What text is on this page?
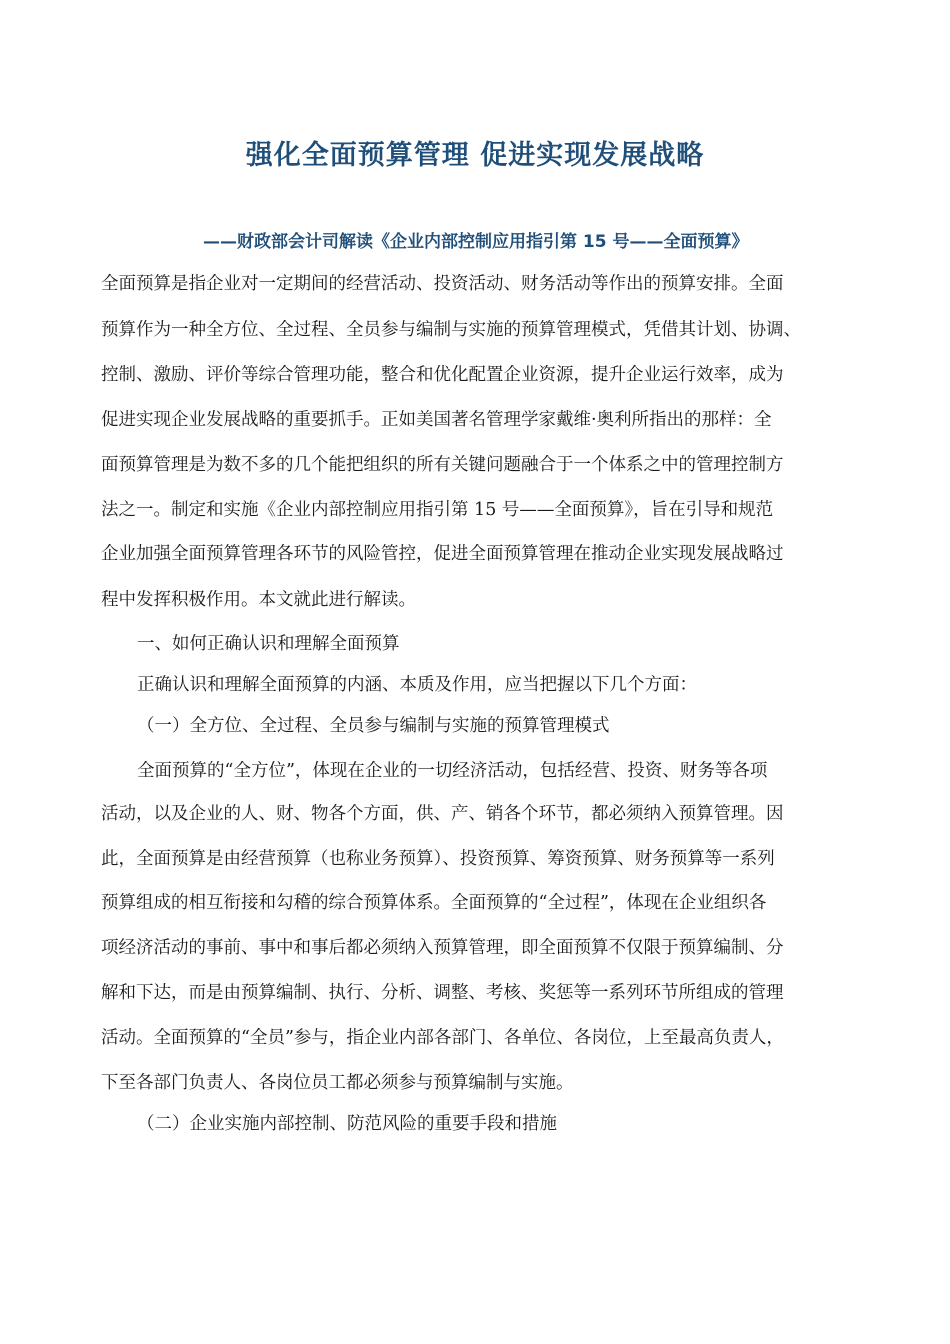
强化全面预算管理 促进实现发展战略
——财政部会计司解读《企业内部控制应用指引第 15 号——全面预算》
全面预算是指企业对一定期间的经营活动、投资活动、财务活动等作出的预算安排。全面
预算作为一种全方位、全过程、全员参与编制与实施的预算管理模式，凭借其计划、协调、
控制、激励、评价等综合管理功能，整合和优化配置企业资源，提升企业运行效率，成为
促进实现企业发展战略的重要抓手。正如美国著名管理学家戴维·奥利所指出的那样：全
面预算管理是为数不多的几个能把组织的所有关键问题融合于一个体系之中的管理控制方
法之一。制定和实施《企业内部控制应用指引第 15 号——全面预算》，旨在引导和规范
企业加强全面预算管理各环节的风险管控，促进全面预算管理在推动企业实现发展战略过
程中发挥积极作用。本文就此进行解读。
一、如何正确认识和理解全面预算
正确认识和理解全面预算的内涵、本质及作用，应当把握以下几个方面：
（一）全方位、全过程、全员参与编制与实施的预算管理模式
全面预算的“全方位”，体现在企业的一切经济活动，包括经营、投资、财务等各项
活动，以及企业的人、财、物各个方面，供、产、销各个环节，都必须纳入预算管理。因
此，全面预算是由经营预算（也称业务预算）、投资预算、筹资预算、财务预算等一系列
预算组成的相互衔接和勾稽的综合预算体系。全面预算的“全过程”，体现在企业组织各
项经济活动的事前、事中和事后都必须纳入预算管理，即全面预算不仅限于预算编制、分
解和下达，而是由预算编制、执行、分析、调整、考核、奖惩等一系列环节所组成的管理
活动。全面预算的“全员”参与，指企业内部各部门、各单位、各岗位，上至最高负责人，
下至各部门负责人、各岗位员工都必须参与预算编制与实施。
（二）企业实施内部控制、防范风险的重要手段和措施
